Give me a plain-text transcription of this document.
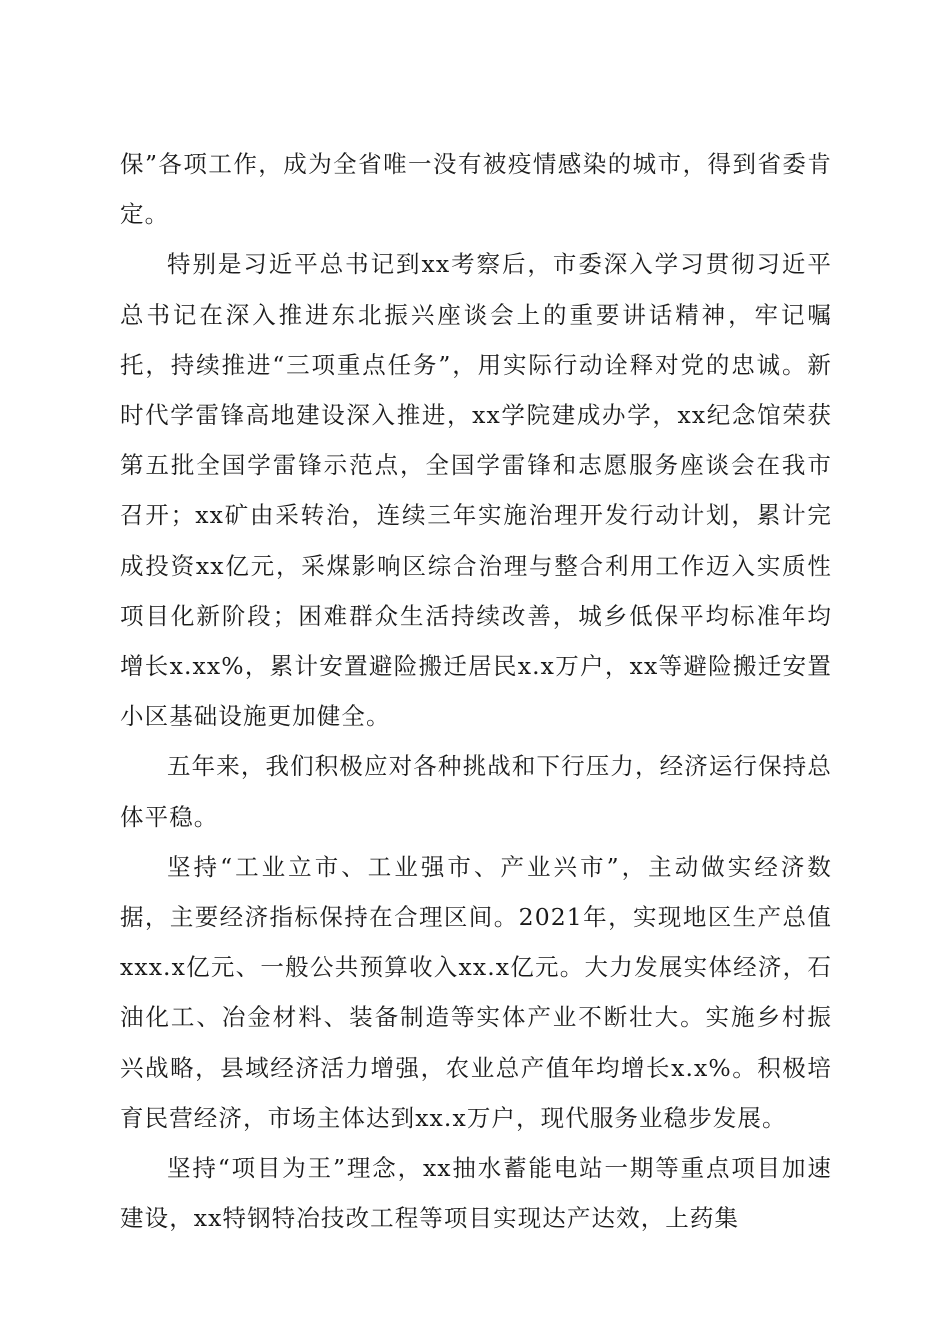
保”各项工作，成为全省唯一没有被疫情感染的城市，得到省委肯定。

特别是习近平总书记到xx考察后，市委深入学习贯彻习近平总书记在深入推进东北振兴座谈会上的重要讲话精神，牢记嘱托，持续推进“三项重点任务”，用实际行动诠释对党的忠诚。新时代学雷锋高地建设深入推进，xx学院建成办学，xx纪念馆荣获第五批全国学雷锋示范点，全国学雷锋和志愿服务座谈会在我市召开；xx矿由采转治，连续三年实施治理开发行动计划，累计完成投资xx亿元，采煤影响区综合治理与整合利用工作迈入实质性项目化新阶段；困难群众生活持续改善，城乡低保平均标准年均增长x.xx%，累计安置避险搬迁居民x.x万户，xx等避险搬迁安置小区基础设施更加健全。

五年来，我们积极应对各种挑战和下行压力，经济运行保持总体平稳。

坚持“工业立市、工业强市、产业兴市”，主动做实经济数据，主要经济指标保持在合理区间。2021年，实现地区生产总值xxx.x亿元、一般公共预算收入xx.x亿元。大力发展实体经济，石油化工、冶金材料、装备制造等实体产业不断壮大。实施乡村振兴战略，县域经济活力增强，农业总产值年均增长x.x%。积极培育民营经济，市场主体达到xx.x万户，现代服务业稳步发展。

坚持“项目为王”理念，xx抽水蓄能电站一期等重点项目加速建设，xx特钢特冶技改工程等项目实现达产达效，上药集
